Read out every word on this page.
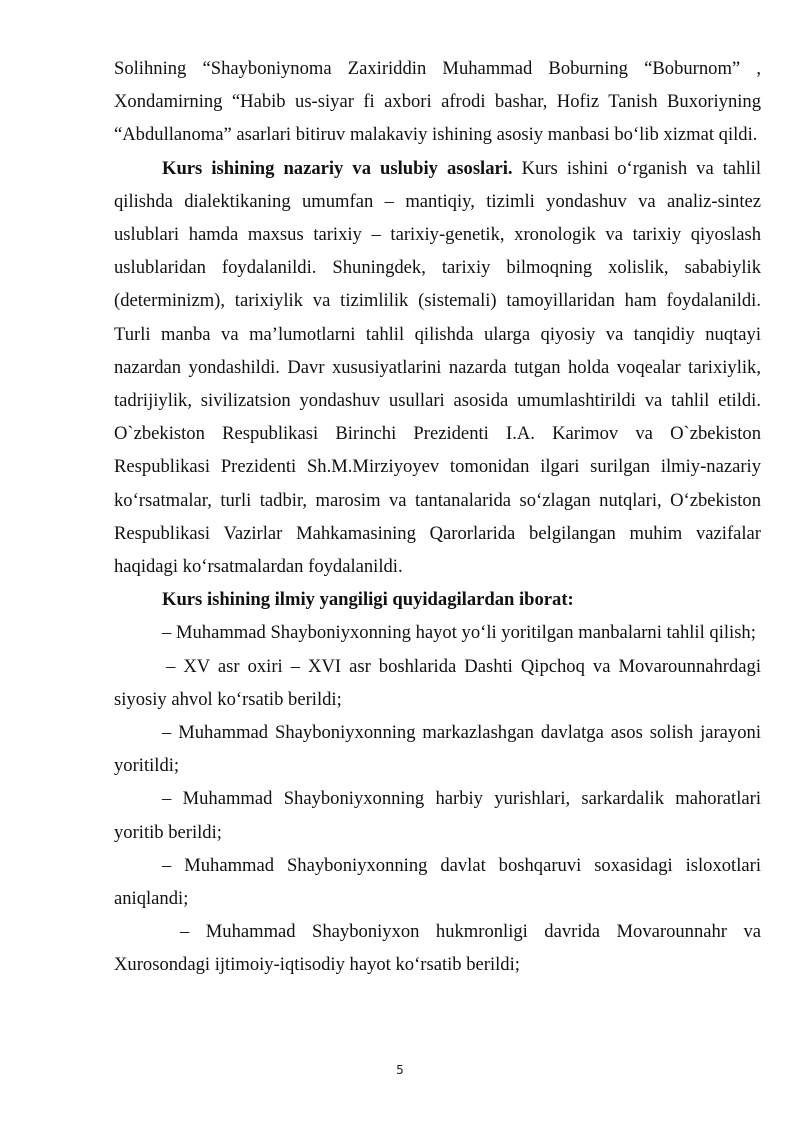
Solihning “Shayboniynoma Zaxiriddin Muhammad Boburning “Boburnom” , Xondamirning “Habib us-siyar fi axbori afrodi bashar, Hofiz Tanish Buxoriyning “Abdullanoma” asarlari bitiruv malakaviy ishining asosiy manbasi bo‘lib xizmat qildi.

Kurs ishining nazariy va uslubiy asoslari. Kurs ishini o‘rganish va tahlil qilishda dialektikaning umumfan – mantiqiy, tizimli yondashuv va analiz-sintez uslublari hamda maxsus tarixiy – tarixiy-genetik, xronologik va tarixiy qiyoslash uslublaridan foydalanildi. Shuningdek, tarixiy bilmoqning xolislik, sababiylik (determinizm), tarixiylik va tizimlilik (sistemali) tamoyillaridan ham foydalanildi. Turli manba va ma’lumotlarni tahlil qilishda ularga qiyosiy va tanqidiy nuqtayi nazardan yondashildi. Davr xususiyatlarini nazarda tutgan holda voqealar tarixiylik, tadrijiylik, sivilizatsion yondashuv usullari asosida umumlashtirildi va tahlil etildi. O`zbekiston Respublikasi Birinchi Prezidenti I.A. Karimov va O`zbekiston Respublikasi Prezidenti Sh.M.Mirziyoyev tomonidan ilgari surilgan ilmiy-nazariy ko‘rsatmalar, turli tadbir, marosim va tantanalarida so‘zlagan nutqlari, O‘zbekiston Respublikasi Vazirlar Mahkamasining Qarorlarida belgilangan muhim vazifalar haqidagi ko‘rsatmalardan foydalanildi.

Kurs ishining ilmiy yangiligi quyidagilardan iborat:

– Muhammad Shayboniyxonning hayot yo‘li yoritilgan manbalarni tahlil qilish;

– XV asr oxiri – XVI asr boshlarida Dashti Qipchoq va Movarounnahrdagi siyosiy ahvol ko‘rsatib berildi;

– Muhammad Shayboniyxonning markazlashgan davlatga asos solish jarayoni yoritildi;

– Muhammad Shayboniyxonning harbiy yurishlari, sarkardalik mahoratlari yoritib berildi;

– Muhammad Shayboniyxonning davlat boshqaruvi soxasidagi isloxotlari aniqlandi;

– Muhammad Shayboniyxon hukmronligi davrida Movarounnahr va Xurosondagi ijtimoiy-iqtisodiy hayot ko‘rsatib berildi;

5
